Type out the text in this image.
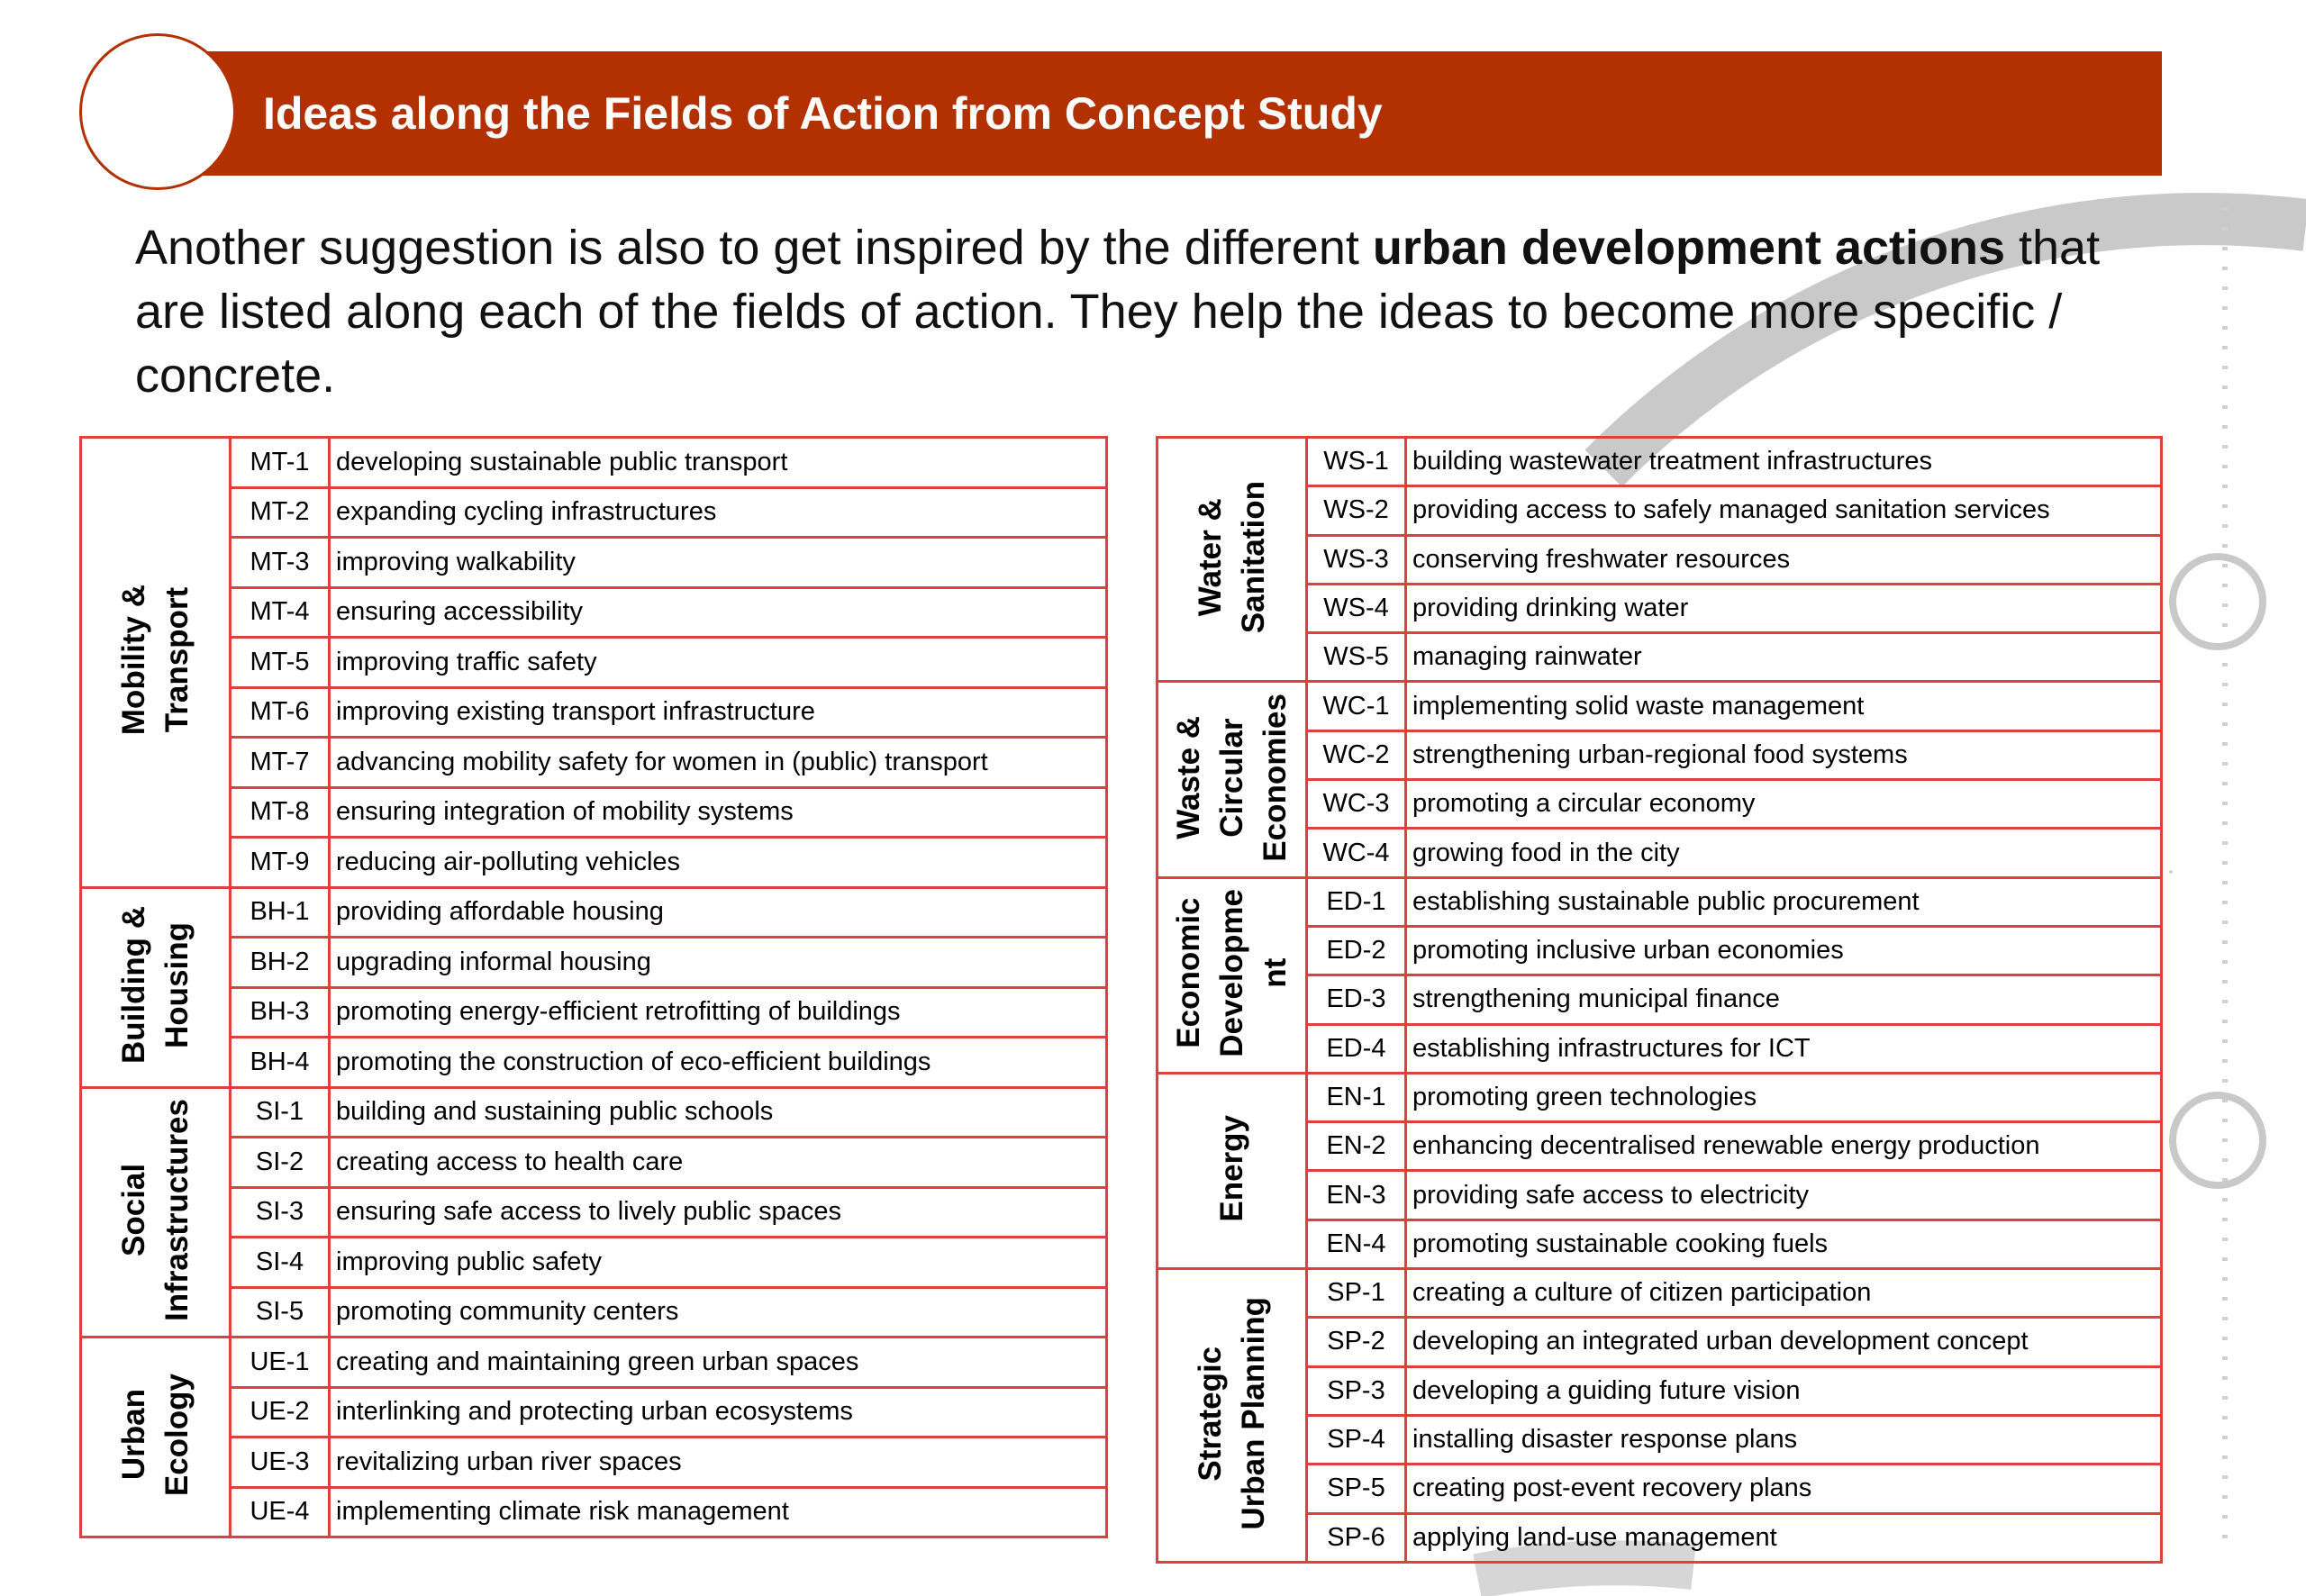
Ideas along the Fields of Action from Concept Study
Another suggestion is also to get inspired by the different urban development actions that are listed along each of the fields of action. They help the ideas to become more specific / concrete.
Mobility &
Transport	MT-1	developing sustainable public transport
	MT-2	expanding cycling infrastructures
	MT-3	improving walkability
	MT-4	ensuring accessibility
	MT-5	improving traffic safety
	MT-6	improving existing transport infrastructure
	MT-7	advancing mobility safety for women in (public) transport
	MT-8	ensuring integration of mobility systems
	MT-9	reducing air-polluting vehicles
Building &
Housing	BH-1	providing affordable housing
	BH-2	upgrading informal housing
	BH-3	promoting energy-efficient retrofitting of buildings
	BH-4	promoting the construction of eco-efficient buildings
Social
Infrastructures	SI-1	building and sustaining public schools
	SI-2	creating access to health care
	SI-3	ensuring safe access to lively public spaces
	SI-4	improving public safety
	SI-5	promoting community centers
Urban
Ecology	UE-1	creating and maintaining green urban spaces
	UE-2	interlinking and protecting urban ecosystems
	UE-3	revitalizing urban river spaces
	UE-4	implementing climate risk management
Water &
Sanitation	WS-1	building wastewater treatment infrastructures
	WS-2	providing access to safely managed sanitation services
	WS-3	conserving freshwater resources
	WS-4	providing drinking water
	WS-5	managing rainwater
Waste &
Circular
Economies	WC-1	implementing solid waste management
	WC-2	strengthening urban-regional food systems
	WC-3	promoting a circular economy
	WC-4	growing food in the city
Economic
Developme
nt	ED-1	establishing sustainable public procurement
	ED-2	promoting inclusive urban economies
	ED-3	strengthening municipal finance
	ED-4	establishing infrastructures for ICT
Energy	EN-1	promoting green technologies
	EN-2	enhancing decentralised renewable energy production
	EN-3	providing safe access to electricity
	EN-4	promoting sustainable cooking fuels
Strategic
Urban Planning	SP-1	creating a culture of citizen participation
	SP-2	developing an integrated urban development concept
	SP-3	developing a guiding future vision
	SP-4	installing disaster response plans
	SP-5	creating post-event recovery plans
	SP-6	applying land-use management
